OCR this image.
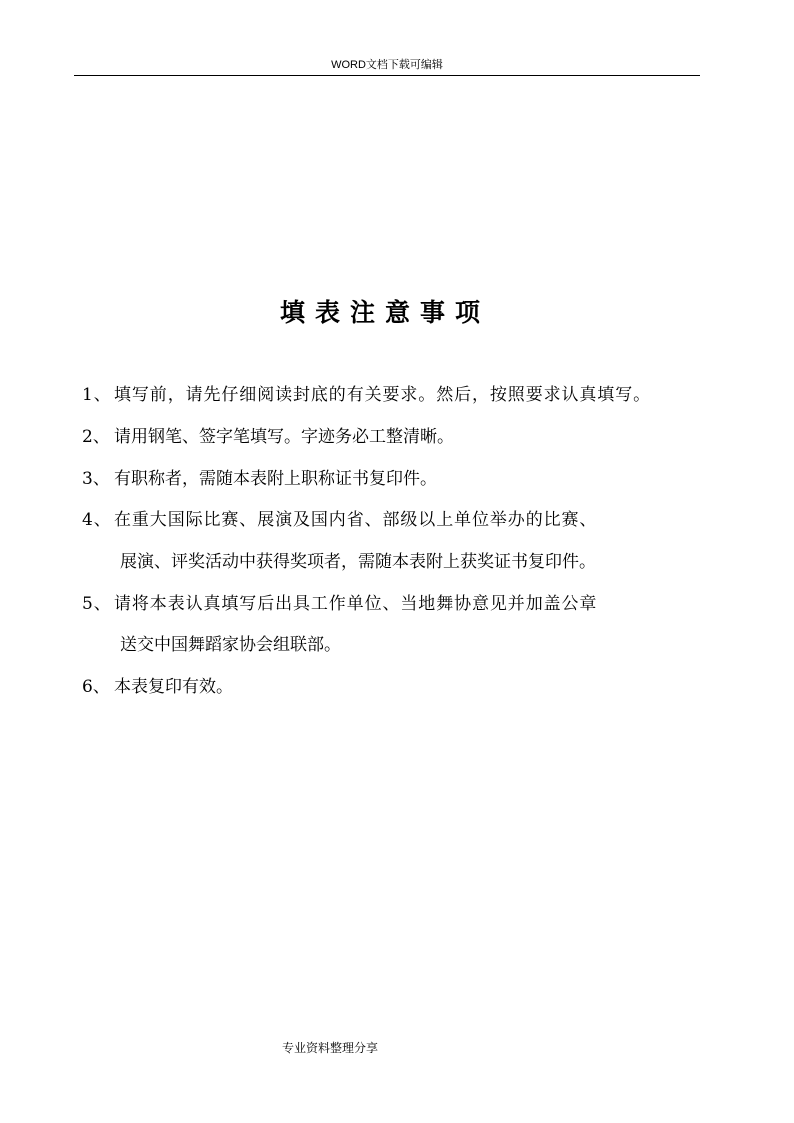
WORD文档下载可编辑
填表注意事项
1、 填写前，请先仔细阅读封底的有关要求。然后，按照要求认真填写。
2、 请用钢笔、签字笔填写。字迹务必工整清晰。
3、 有职称者，需随本表附上职称证书复印件。
4、 在重大国际比赛、展演及国内省、部级以上单位举办的比赛、
展演、评奖活动中获得奖项者，需随本表附上获奖证书复印件。
5、 请将本表认真填写后出具工作单位、当地舞协意见并加盖公章
送交中国舞蹈家协会组联部。
6、 本表复印有效。
专业资料整理分享
